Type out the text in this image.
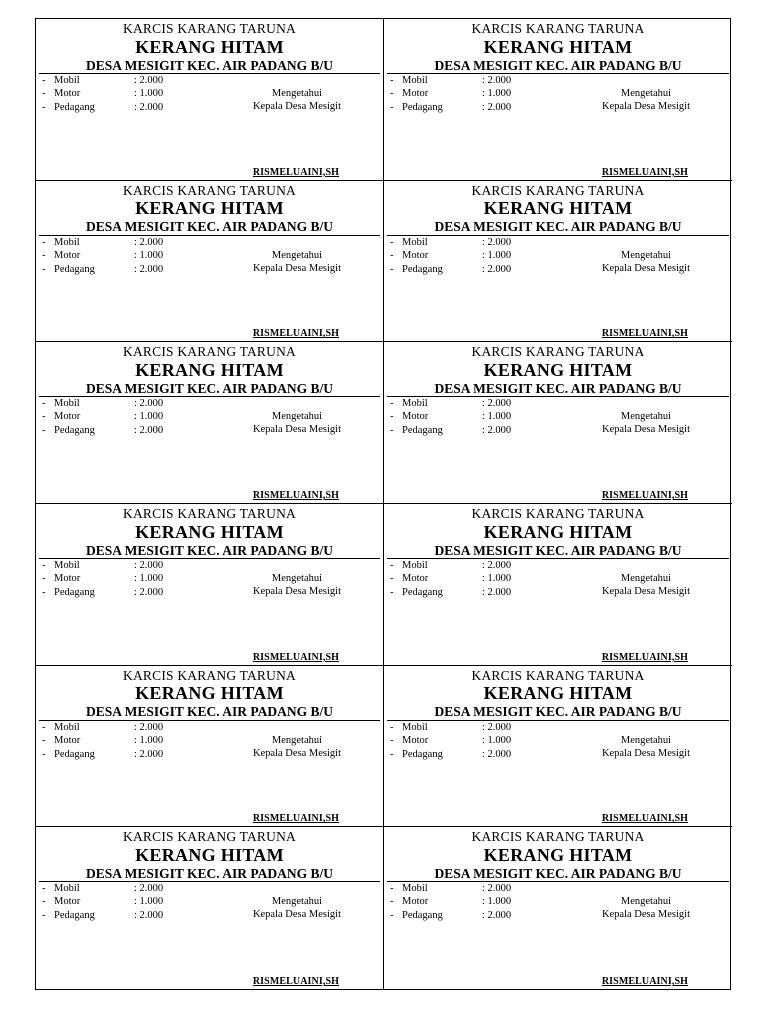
KARCIS KARANG TARUNA
KERANG HITAM
DESA MESIGIT KEC. AIR PADANG B/U
- Mobil	: 2.000
- Motor	: 1.000
- Pedagang	: 2.000
Mengetahui
Kepala Desa Mesigit
RISMELUAINI,SH
KARCIS KARANG TARUNA
KERANG HITAM
DESA MESIGIT KEC. AIR PADANG B/U
- Mobil	: 2.000
- Motor	: 1.000
- Pedagang	: 2.000
Mengetahui
Kepala Desa Mesigit
RISMELUAINI,SH
KARCIS KARANG TARUNA
KERANG HITAM
DESA MESIGIT KEC. AIR PADANG B/U
- Mobil	: 2.000
- Motor	: 1.000
- Pedagang	: 2.000
Mengetahui
Kepala Desa Mesigit
RISMELUAINI,SH
KARCIS KARANG TARUNA
KERANG HITAM
DESA MESIGIT KEC. AIR PADANG B/U
- Mobil	: 2.000
- Motor	: 1.000
- Pedagang	: 2.000
Mengetahui
Kepala Desa Mesigit
RISMELUAINI,SH
KARCIS KARANG TARUNA
KERANG HITAM
DESA MESIGIT KEC. AIR PADANG B/U
- Mobil	: 2.000
- Motor	: 1.000
- Pedagang	: 2.000
Mengetahui
Kepala Desa Mesigit
RISMELUAINI,SH
KARCIS KARANG TARUNA
KERANG HITAM
DESA MESIGIT KEC. AIR PADANG B/U
- Mobil	: 2.000
- Motor	: 1.000
- Pedagang	: 2.000
Mengetahui
Kepala Desa Mesigit
RISMELUAINI,SH
KARCIS KARANG TARUNA
KERANG HITAM
DESA MESIGIT KEC. AIR PADANG B/U
- Mobil	: 2.000
- Motor	: 1.000
- Pedagang	: 2.000
Mengetahui
Kepala Desa Mesigit
RISMELUAINI,SH
KARCIS KARANG TARUNA
KERANG HITAM
DESA MESIGIT KEC. AIR PADANG B/U
- Mobil	: 2.000
- Motor	: 1.000
- Pedagang	: 2.000
Mengetahui
Kepala Desa Mesigit
RISMELUAINI,SH
KARCIS KARANG TARUNA
KERANG HITAM
DESA MESIGIT KEC. AIR PADANG B/U
- Mobil	: 2.000
- Motor	: 1.000
- Pedagang	: 2.000
Mengetahui
Kepala Desa Mesigit
RISMELUAINI,SH
KARCIS KARANG TARUNA
KERANG HITAM
DESA MESIGIT KEC. AIR PADANG B/U
- Mobil	: 2.000
- Motor	: 1.000
- Pedagang	: 2.000
Mengetahui
Kepala Desa Mesigit
RISMELUAINI,SH
KARCIS KARANG TARUNA
KERANG HITAM
DESA MESIGIT KEC. AIR PADANG B/U
- Mobil	: 2.000
- Motor	: 1.000
- Pedagang	: 2.000
Mengetahui
Kepala Desa Mesigit
RISMELUAINI,SH
KARCIS KARANG TARUNA
KERANG HITAM
DESA MESIGIT KEC. AIR PADANG B/U
- Mobil	: 2.000
- Motor	: 1.000
- Pedagang	: 2.000
Mengetahui
Kepala Desa Mesigit
RISMELUAINI,SH
